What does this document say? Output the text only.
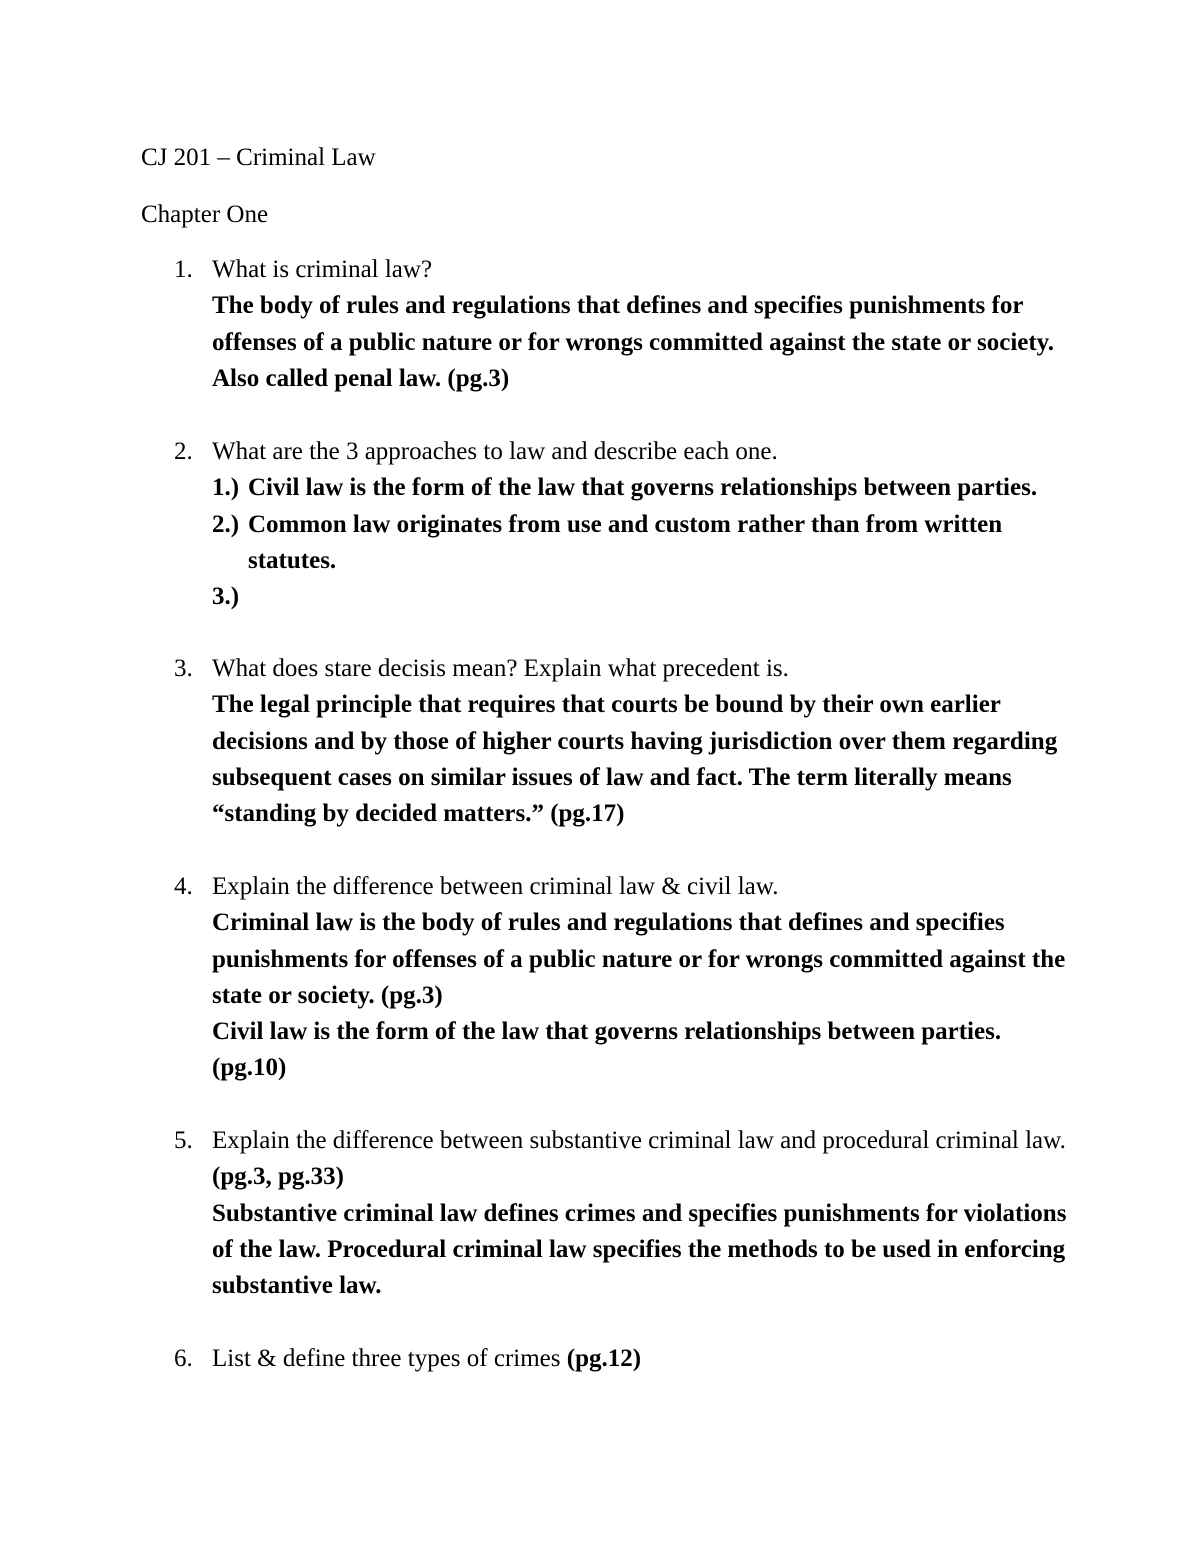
CJ 201 – Criminal Law
Chapter One
1. What is criminal law?
The body of rules and regulations that defines and specifies punishments for offenses of a public nature or for wrongs committed against the state or society. Also called penal law. (pg.3)
2. What are the 3 approaches to law and describe each one.
1.) Civil law is the form of the law that governs relationships between parties.
2.) Common law originates from use and custom rather than from written statutes.
3.)
3. What does stare decisis mean? Explain what precedent is.
The legal principle that requires that courts be bound by their own earlier decisions and by those of higher courts having jurisdiction over them regarding subsequent cases on similar issues of law and fact. The term literally means “standing by decided matters.” (pg.17)
4. Explain the difference between criminal law & civil law.
Criminal law is the body of rules and regulations that defines and specifies punishments for offenses of a public nature or for wrongs committed against the state or society. (pg.3)
Civil law is the form of the law that governs relationships between parties. (pg.10)
5. Explain the difference between substantive criminal law and procedural criminal law. (pg.3, pg.33)
Substantive criminal law defines crimes and specifies punishments for violations of the law. Procedural criminal law specifies the methods to be used in enforcing substantive law.
6. List & define three types of crimes (pg.12)
